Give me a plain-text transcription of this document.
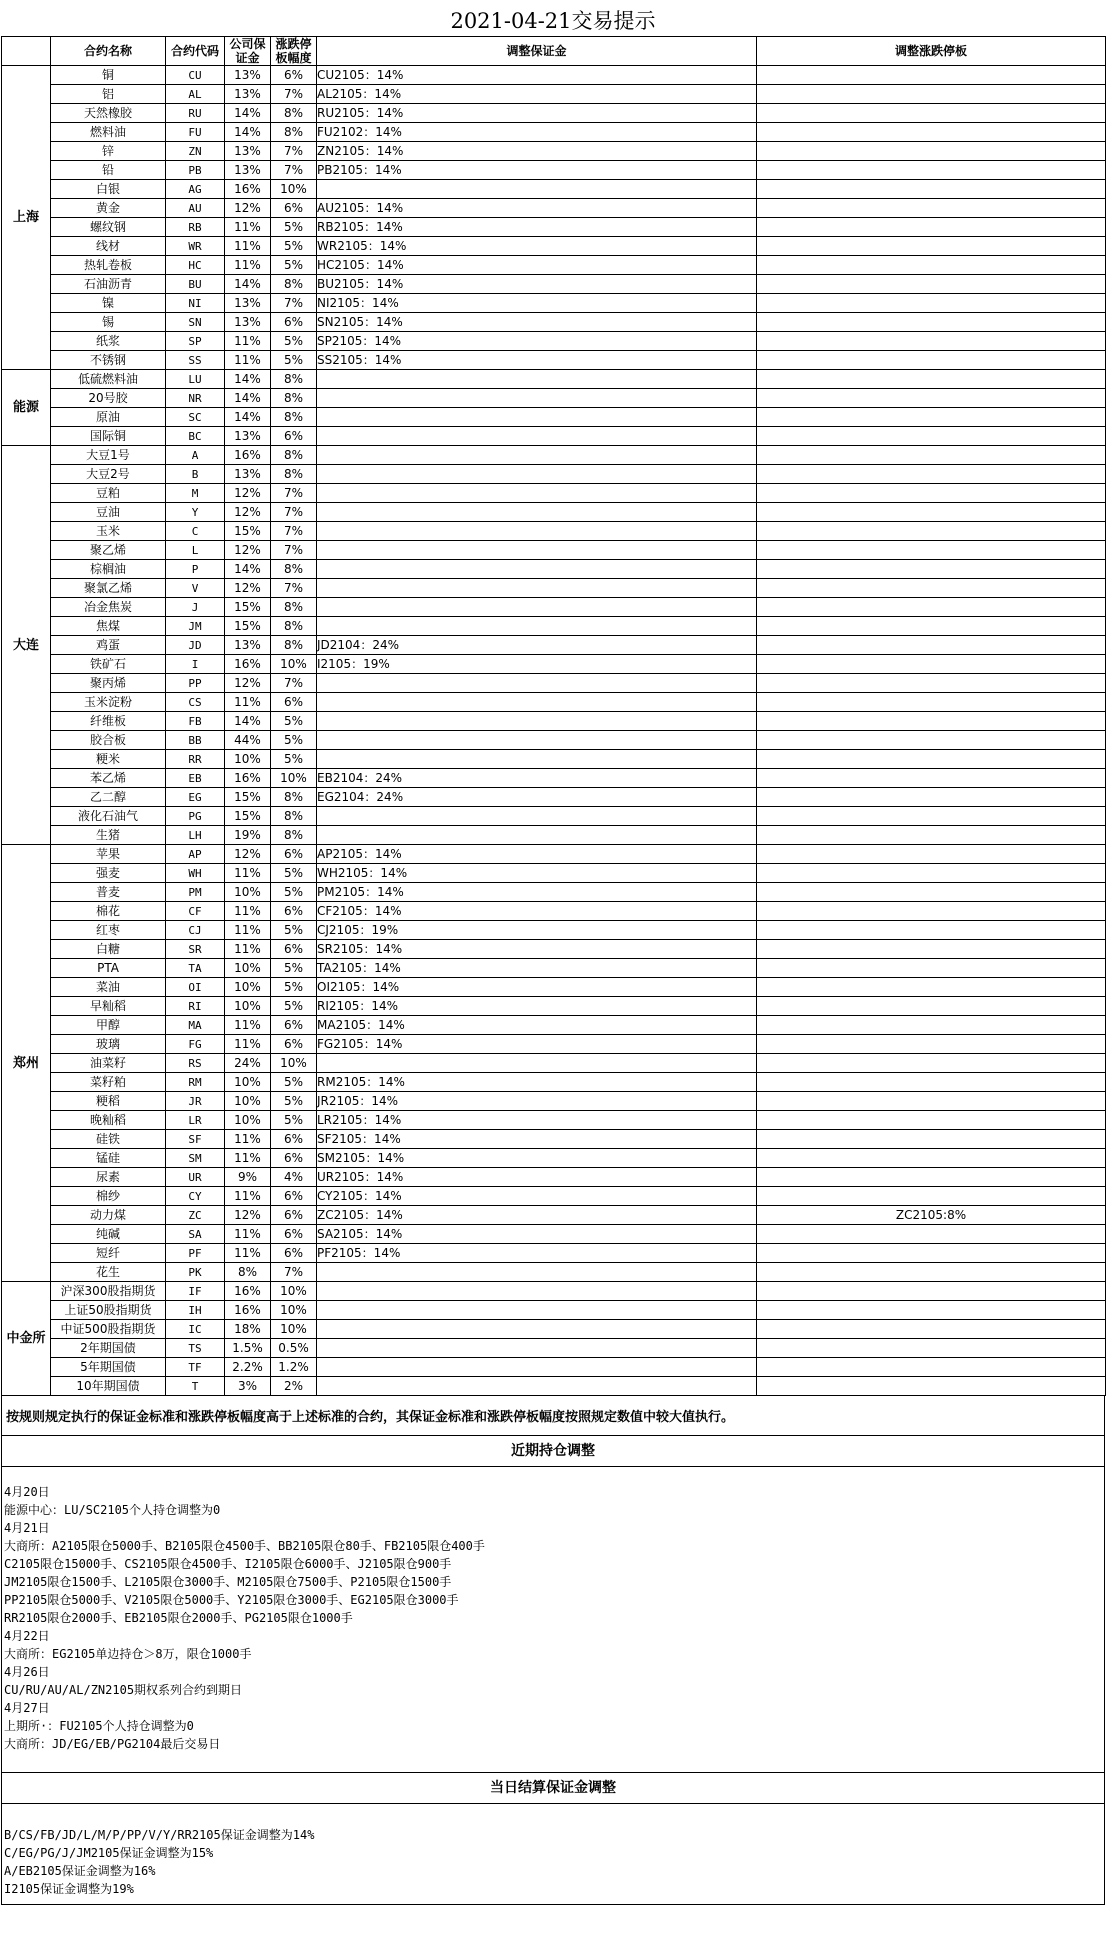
2021-04-21交易提示
	合约名称	合约代码	公司保证金	涨跌停板幅度	调整保证金	调整涨跌停板
上海	铜	CU	13%	6%	CU2105：14%	
	铝	AL	13%	7%	AL2105：14%	
	天然橡胶	RU	14%	8%	RU2105：14%	
	燃料油	FU	14%	8%	FU2102：14%	
	锌	ZN	13%	7%	ZN2105：14%	
	铅	PB	13%	7%	PB2105：14%	
	白银	AG	16%	10%		
	黄金	AU	12%	6%	AU2105：14%	
	螺纹钢	RB	11%	5%	RB2105：14%	
	线材	WR	11%	5%	WR2105：14%	
	热轧卷板	HC	11%	5%	HC2105：14%	
	石油沥青	BU	14%	8%	BU2105：14%	
	镍	NI	13%	7%	NI2105：14%	
	锡	SN	13%	6%	SN2105：14%	
	纸浆	SP	11%	5%	SP2105：14%	
	不锈钢	SS	11%	5%	SS2105：14%	
能源	低硫燃料油	LU	14%	8%		
	20号胶	NR	14%	8%		
	原油	SC	14%	8%		
	国际铜	BC	13%	6%		
大连	大豆1号	A	16%	8%		
	大豆2号	B	13%	8%		
	豆粕	M	12%	7%		
	豆油	Y	12%	7%		
	玉米	C	15%	7%		
	聚乙烯	L	12%	7%		
	棕榈油	P	14%	8%		
	聚氯乙烯	V	12%	7%		
	冶金焦炭	J	15%	8%		
	焦煤	JM	15%	8%		
	鸡蛋	JD	13%	8%	JD2104：24%	
	铁矿石	I	16%	10%	I2105：19%	
	聚丙烯	PP	12%	7%		
	玉米淀粉	CS	11%	6%		
	纤维板	FB	14%	5%		
	胶合板	BB	44%	5%		
	粳米	RR	10%	5%		
	苯乙烯	EB	16%	10%	EB2104：24%	
	乙二醇	EG	15%	8%	EG2104：24%	
	液化石油气	PG	15%	8%		
	生猪	LH	19%	8%		
郑州	苹果	AP	12%	6%	AP2105：14%	
	强麦	WH	11%	5%	WH2105：14%	
	普麦	PM	10%	5%	PM2105：14%	
	棉花	CF	11%	6%	CF2105：14%	
	红枣	CJ	11%	5%	CJ2105：19%	
	白糖	SR	11%	6%	SR2105：14%	
	PTA	TA	10%	5%	TA2105：14%	
	菜油	OI	10%	5%	OI2105：14%	
	早籼稻	RI	10%	5%	RI2105：14%	
	甲醇	MA	11%	6%	MA2105：14%	
	玻璃	FG	11%	6%	FG2105：14%	
	油菜籽	RS	24%	10%		
	菜籽粕	RM	10%	5%	RM2105：14%	
	粳稻	JR	10%	5%	JR2105：14%	
	晚籼稻	LR	10%	5%	LR2105：14%	
	硅铁	SF	11%	6%	SF2105：14%	
	锰硅	SM	11%	6%	SM2105：14%	
	尿素	UR	9%	4%	UR2105：14%	
	棉纱	CY	11%	6%	CY2105：14%	
	动力煤	ZC	12%	6%	ZC2105：14%	ZC2105:8%
	纯碱	SA	11%	6%	SA2105：14%	
	短纤	PF	11%	6%	PF2105：14%	
	花生	PK	8%	7%		
中金所	沪深300股指期货	IF	16%	10%		
	上证50股指期货	IH	16%	10%		
	中证500股指期货	IC	18%	10%		
	2年期国债	TS	1.5%	0.5%		
	5年期国债	TF	2.2%	1.2%		
	10年期国债	T	3%	2%		
按规则规定执行的保证金标准和涨跌停板幅度高于上述标准的合约，其保证金标准和涨跌停板幅度按照规定数值中较大值执行。
近期持仓调整
4月20日
能源中心：LU/SC2105个人持仓调整为0
4月21日
大商所：A2105限仓5000手、B2105限仓4500手、BB2105限仓80手、FB2105限仓400手
C2105限仓15000手、CS2105限仓4500手、I2105限仓6000手、J2105限仓900手
JM2105限仓1500手、L2105限仓3000手、M2105限仓7500手、P2105限仓1500手
PP2105限仓5000手、V2105限仓5000手、Y2105限仓3000手、EG2105限仓3000手
RR2105限仓2000手、EB2105限仓2000手、PG2105限仓1000手
4月22日
大商所：EG2105单边持仓＞8万，限仓1000手
4月26日
CU/RU/AU/AL/ZN2105期权系列合约到期日
4月27日
上期所·：FU2105个人持仓调整为0
大商所：JD/EG/EB/PG2104最后交易日
当日结算保证金调整
B/CS/FB/JD/L/M/P/PP/V/Y/RR2105保证金调整为14%
C/EG/PG/J/JM2105保证金调整为15%
A/EB2105保证金调整为16%
I2105保证金调整为19%
